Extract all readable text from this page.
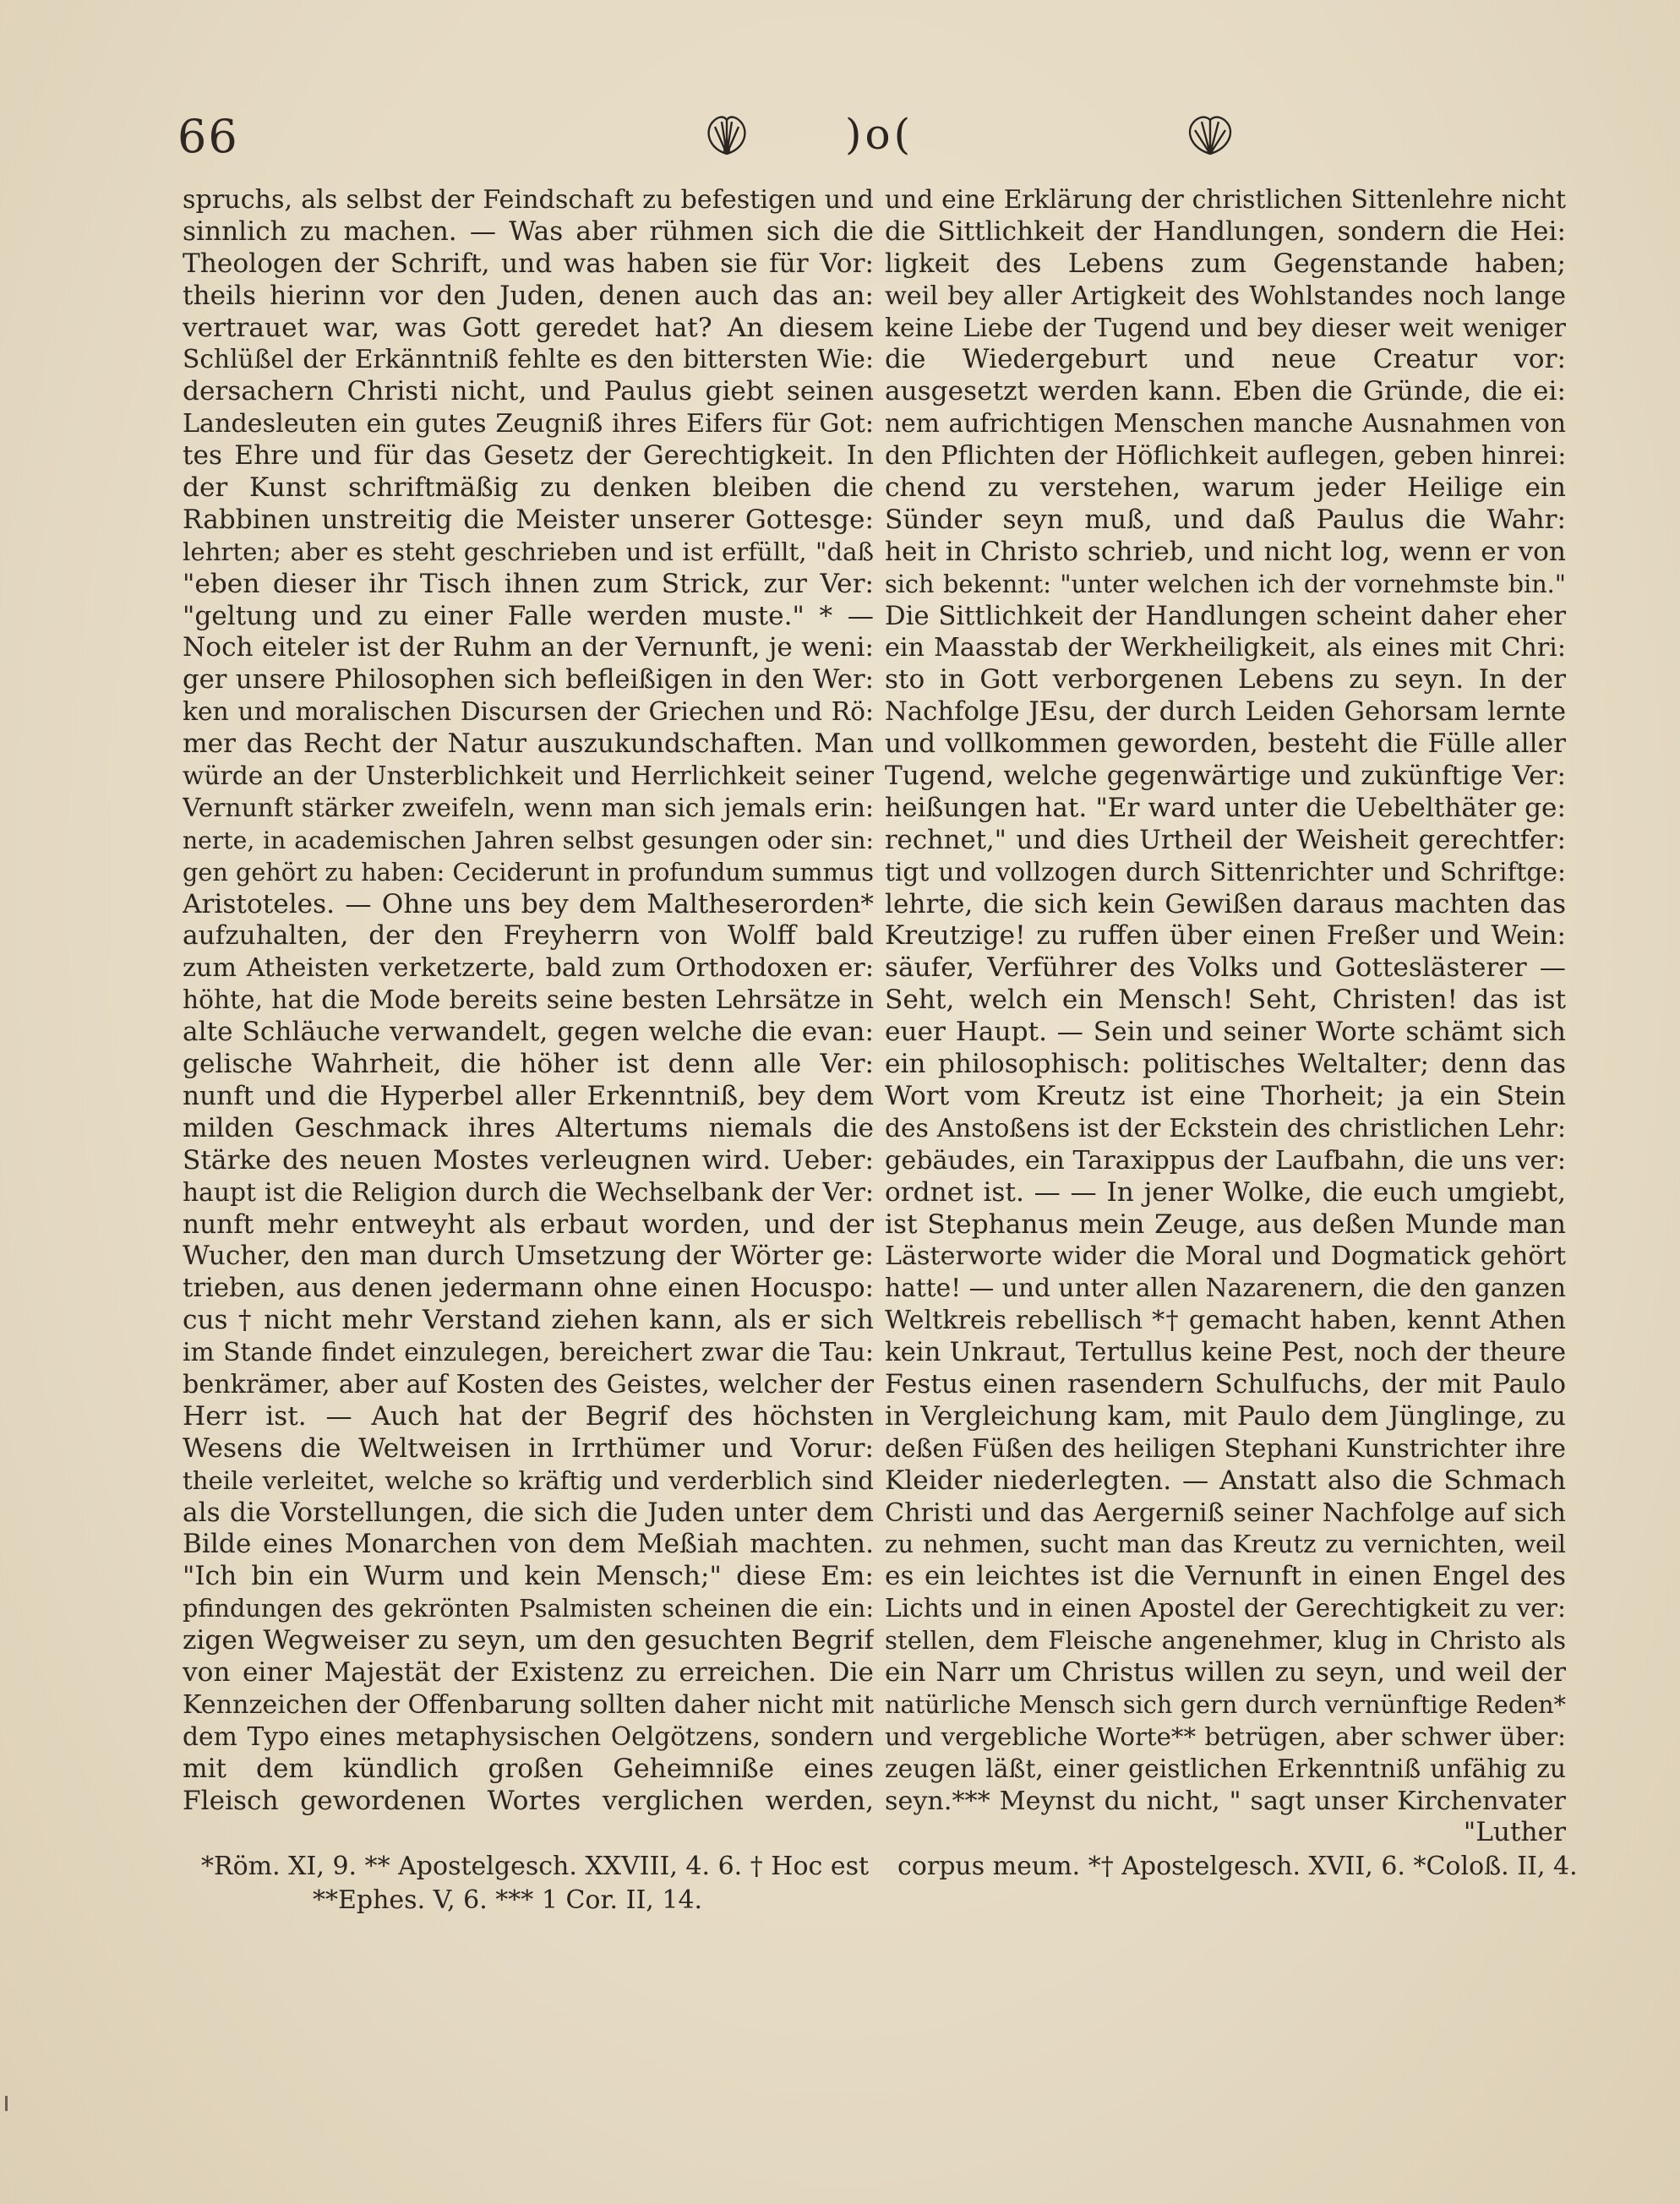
66	)o(
spruchs, als selbst der Feindschaft zu befestigen und
sinnlich zu machen. — Was aber rühmen sich die
Theologen der Schrift, und was haben sie für Vor:
theils hierinn vor den Juden, denen auch das an:
vertrauet war, was Gott geredet hat? An diesem
Schlüßel der Erkänntniß fehlte es den bittersten Wie:
dersachern Christi nicht, und Paulus giebt seinen
Landesleuten ein gutes Zeugniß ihres Eifers für Got:
tes Ehre und für das Gesetz der Gerechtigkeit. In
der Kunst schriftmäßig zu denken bleiben die
Rabbinen unstreitig die Meister unserer Gottesge:
lehrten; aber es steht geschrieben und ist erfüllt, "daß
"eben dieser ihr Tisch ihnen zum Strick, zur Ver:
"geltung und zu einer Falle werden muste." * —
Noch eiteler ist der Ruhm an der Vernunft, je weni:
ger unsere Philosophen sich befleißigen in den Wer:
ken und moralischen Discursen der Griechen und Rö:
mer das Recht der Natur auszukundschaften. Man
würde an der Unsterblichkeit und Herrlichkeit seiner
Vernunft stärker zweifeln, wenn man sich jemals erin:
nerte, in academischen Jahren selbst gesungen oder sin:
gen gehört zu haben: Ceciderunt in profundum summus
Aristoteles. — Ohne uns bey dem Maltheserorden*
aufzuhalten, der den Freyherrn von Wolff bald
zum Atheisten verketzerte, bald zum Orthodoxen er:
höhte, hat die Mode bereits seine besten Lehrsätze in
alte Schläuche verwandelt, gegen welche die evan:
gelische Wahrheit, die höher ist denn alle Ver:
nunft und die Hyperbel aller Erkenntniß, bey dem
milden Geschmack ihres Altertums niemals die
Stärke des neuen Mostes verleugnen wird. Ueber:
haupt ist die Religion durch die Wechselbank der Ver:
nunft mehr entweyht als erbaut worden, und der
Wucher, den man durch Umsetzung der Wörter ge:
trieben, aus denen jedermann ohne einen Hocuspo:
cus † nicht mehr Verstand ziehen kann, als er sich
im Stande findet einzulegen, bereichert zwar die Tau:
benkrämer, aber auf Kosten des Geistes, welcher der
Herr ist. — Auch hat der Begrif des höchsten
Wesens die Weltweisen in Irrthümer und Vorur:
theile verleitet, welche so kräftig und verderblich sind
als die Vorstellungen, die sich die Juden unter dem
Bilde eines Monarchen von dem Meßiah machten.
"Ich bin ein Wurm und kein Mensch;" diese Em:
pfindungen des gekrönten Psalmisten scheinen die ein:
zigen Wegweiser zu seyn, um den gesuchten Begrif
von einer Majestät der Existenz zu erreichen. Die
Kennzeichen der Offenbarung sollten daher nicht mit
dem Typo eines metaphysischen Oelgötzens, sondern
mit dem kündlich großen Geheimniße eines
Fleisch gewordenen Wortes verglichen werden,
und eine Erklärung der christlichen Sittenlehre nicht
die Sittlichkeit der Handlungen, sondern die Hei:
ligkeit des Lebens zum Gegenstande haben;
weil bey aller Artigkeit des Wohlstandes noch lange
keine Liebe der Tugend und bey dieser weit weniger
die Wiedergeburt und neue Creatur vor:
ausgesetzt werden kann. Eben die Gründe, die ei:
nem aufrichtigen Menschen manche Ausnahmen von
den Pflichten der Höflichkeit auflegen, geben hinrei:
chend zu verstehen, warum jeder Heilige ein
Sünder seyn muß, und daß Paulus die Wahr:
heit in Christo schrieb, und nicht log, wenn er von
sich bekennt: "unter welchen ich der vornehmste bin."
Die Sittlichkeit der Handlungen scheint daher eher
ein Maasstab der Werkheiligkeit, als eines mit Chri:
sto in Gott verborgenen Lebens zu seyn. In der
Nachfolge JEsu, der durch Leiden Gehorsam lernte
und vollkommen geworden, besteht die Fülle aller
Tugend, welche gegenwärtige und zukünftige Ver:
heißungen hat. "Er ward unter die Uebelthäter ge:
rechnet," und dies Urtheil der Weisheit gerechtfer:
tigt und vollzogen durch Sittenrichter und Schriftge:
lehrte, die sich kein Gewißen daraus machten das
Kreutzige! zu ruffen über einen Freßer und Wein:
säufer, Verführer des Volks und Gotteslästerer —
Seht, welch ein Mensch! Seht, Christen! das ist
euer Haupt. — Sein und seiner Worte schämt sich
ein philosophisch: politisches Weltalter; denn das
Wort vom Kreutz ist eine Thorheit; ja ein Stein
des Anstoßens ist der Eckstein des christlichen Lehr:
gebäudes, ein Taraxippus der Laufbahn, die uns ver:
ordnet ist. — — In jener Wolke, die euch umgiebt,
ist Stephanus mein Zeuge, aus deßen Munde man
Lästerworte wider die Moral und Dogmatick gehört
hatte! — und unter allen Nazarenern, die den ganzen
Weltkreis rebellisch *† gemacht haben, kennt Athen
kein Unkraut, Tertullus keine Pest, noch der theure
Festus einen rasendern Schulfuchs, der mit Paulo
in Vergleichung kam, mit Paulo dem Jünglinge, zu
deßen Füßen des heiligen Stephani Kunstrichter ihre
Kleider niederlegten. — Anstatt also die Schmach
Christi und das Aergerniß seiner Nachfolge auf sich
zu nehmen, sucht man das Kreutz zu vernichten, weil
es ein leichtes ist die Vernunft in einen Engel des
Lichts und in einen Apostel der Gerechtigkeit zu ver:
stellen, dem Fleische angenehmer, klug in Christo als
ein Narr um Christus willen zu seyn, und weil der
natürliche Mensch sich gern durch vernünftige Reden*
und vergebliche Worte** betrügen, aber schwer über:
zeugen läßt, einer geistlichen Erkenntniß unfähig zu
seyn.*** Meynst du nicht, " sagt unser Kirchenvater
"Luther
*Röm. XI, 9. ** Apostelgesch. XXVIII, 4. 6. † Hoc est
**Ephes. V, 6. *** 1 Cor. II, 14.
corpus meum. *† Apostelgesch. XVII, 6. *Coloß. II, 4.
